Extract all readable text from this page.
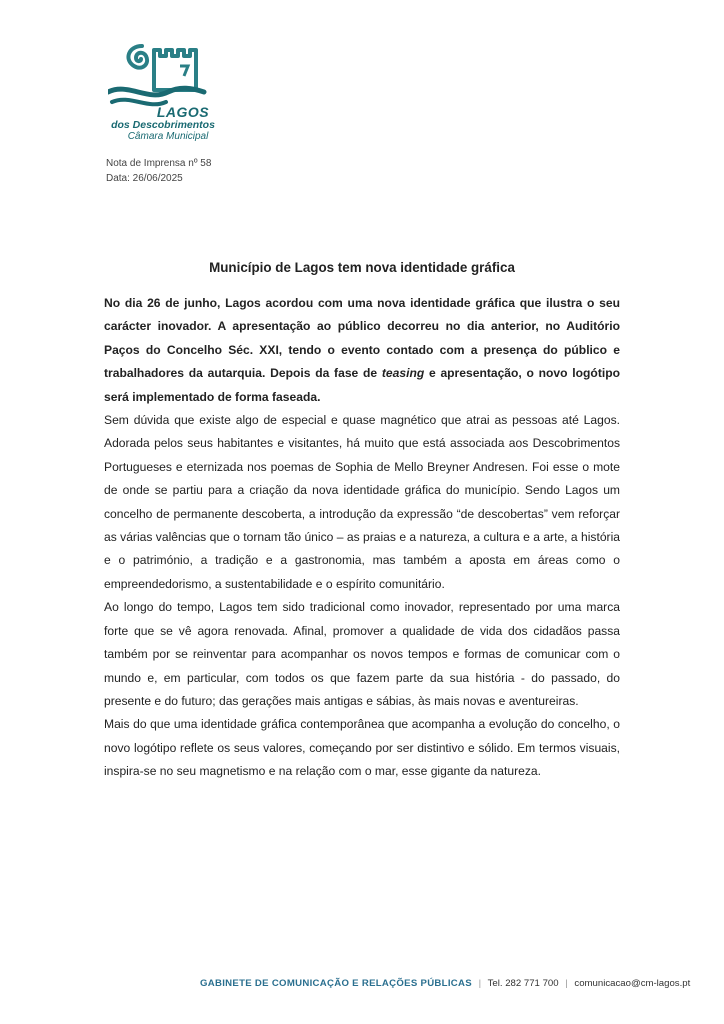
LAGOS
dos Descobrimentos
Câmara Municipal
Nota de Imprensa nº 58
Data: 26/06/2025
Município de Lagos tem nova identidade gráfica

No dia 26 de junho, Lagos acordou com uma nova identidade gráfica que ilustra o seu carácter inovador. A apresentação ao público decorreu no dia anterior, no Auditório Paços do Concelho Séc. XXI, tendo o evento contado com a presença do público e trabalhadores da autarquia. Depois da fase de teasing e apresentação, o novo logótipo será implementado de forma faseada.

Sem dúvida que existe algo de especial e quase magnético que atrai as pessoas até Lagos. Adorada pelos seus habitantes e visitantes, há muito que está associada aos Descobrimentos Portugueses e eternizada nos poemas de Sophia de Mello Breyner Andresen. Foi esse o mote de onde se partiu para a criação da nova identidade gráfica do município. Sendo Lagos um concelho de permanente descoberta, a introdução da expressão “de descobertas” vem reforçar as várias valências que o tornam tão único – as praias e a natureza, a cultura e a arte, a história e o património, a tradição e a gastronomia, mas também a aposta em áreas como o empreendedorismo, a sustentabilidade e o espírito comunitário.

Ao longo do tempo, Lagos tem sido tradicional como inovador, representado por uma marca forte que se vê agora renovada. Afinal, promover a qualidade de vida dos cidadãos passa também por se reinventar para acompanhar os novos tempos e formas de comunicar com o mundo e, em particular, com todos os que fazem parte da sua história - do passado, do presente e do futuro; das gerações mais antigas e sábias, às mais novas e aventureiras.

Mais do que uma identidade gráfica contemporânea que acompanha a evolução do concelho, o novo logótipo reflete os seus valores, começando por ser distintivo e sólido. Em termos visuais, inspira-se no seu magnetismo e na relação com o mar, esse gigante da natureza.

GABINETE DE COMUNICAÇÃO E RELAÇÕES PÚBLICAS | Tel. 282 771 700 | comunicacao@cm-lagos.pt
